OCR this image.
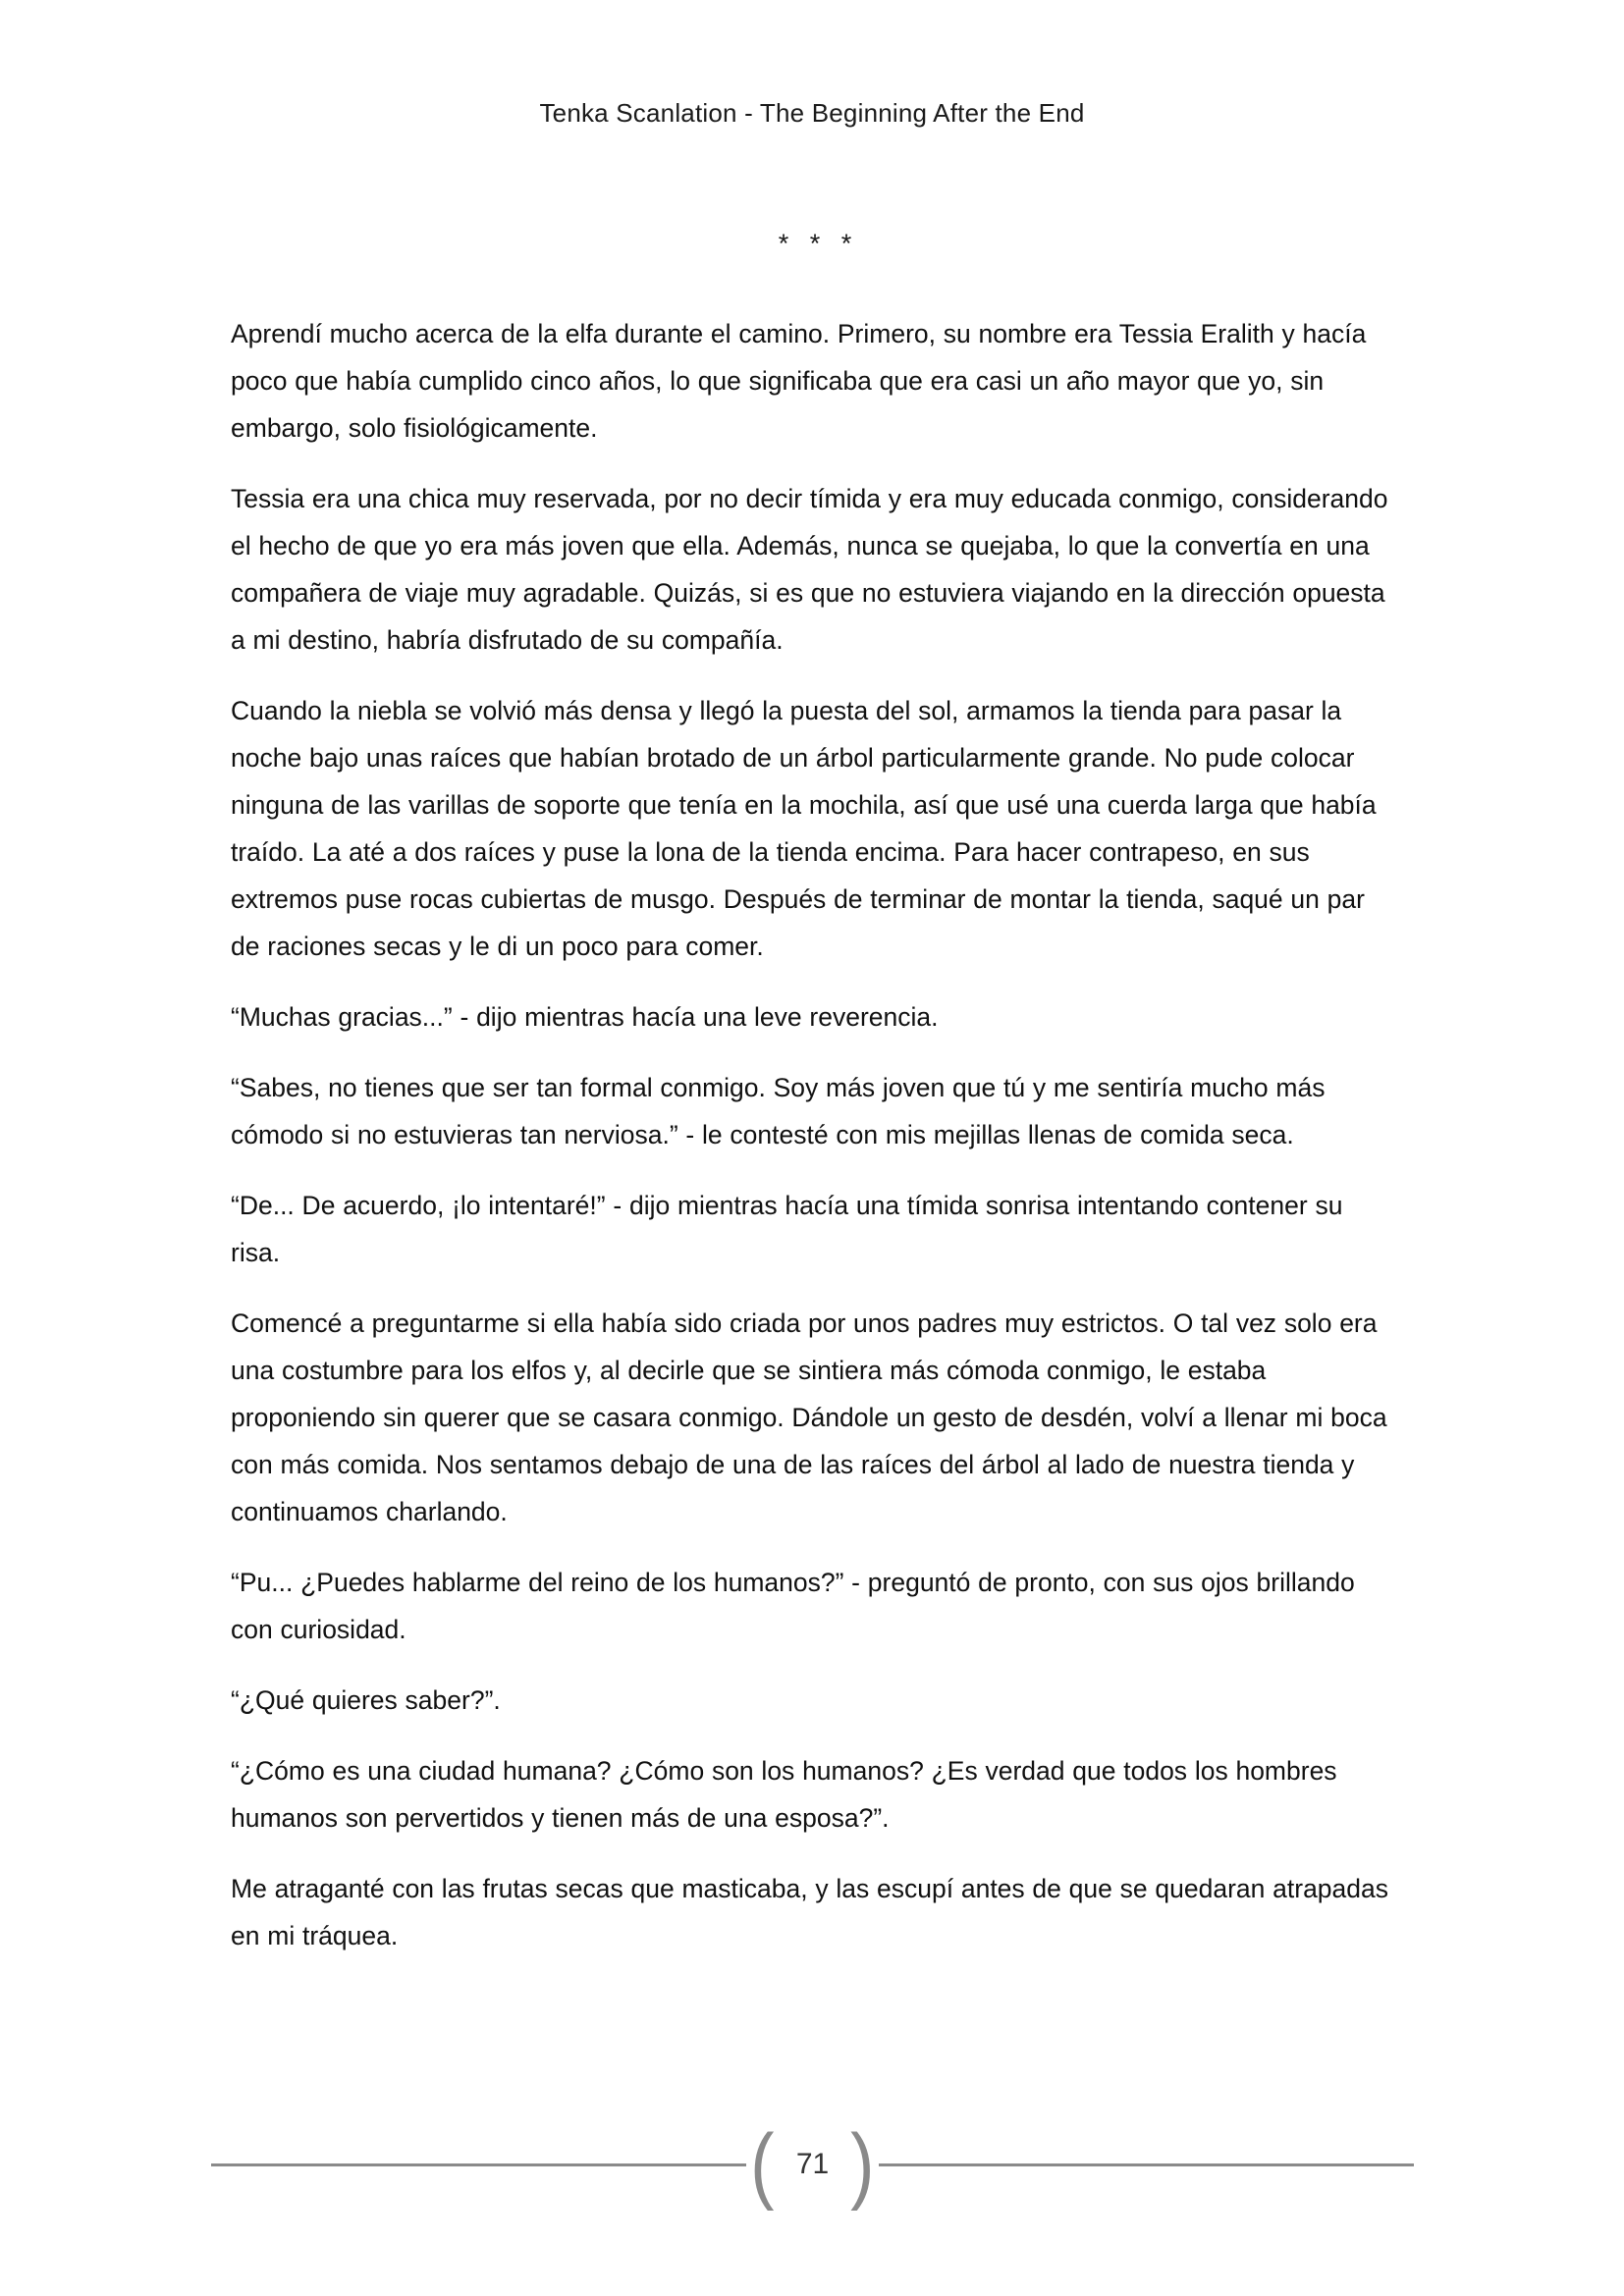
Tenka Scanlation - The Beginning After the End
* * *

Aprendí mucho acerca de la elfa durante el camino. Primero, su nombre era Tessia Eralith y hacía poco que había cumplido cinco años, lo que significaba que era casi un año mayor que yo, sin embargo, solo fisiológicamente.

Tessia era una chica muy reservada, por no decir tímida y era muy educada conmigo, considerando el hecho de que yo era más joven que ella. Además, nunca se quejaba, lo que la convertía en una compañera de viaje muy agradable. Quizás, si es que no estuviera viajando en la dirección opuesta a mi destino, habría disfrutado de su compañía.

Cuando la niebla se volvió más densa y llegó la puesta del sol, armamos la tienda para pasar la noche bajo unas raíces que habían brotado de un árbol particularmente grande. No pude colocar ninguna de las varillas de soporte que tenía en la mochila, así que usé una cuerda larga que había traído. La até a dos raíces y puse la lona de la tienda encima. Para hacer contrapeso, en sus extremos puse rocas cubiertas de musgo. Después de terminar de montar la tienda, saqué un par de raciones secas y le di un poco para comer.

“Muchas gracias...” - dijo mientras hacía una leve reverencia.

“Sabes, no tienes que ser tan formal conmigo. Soy más joven que tú y me sentiría mucho más cómodo si no estuvieras tan nerviosa.” - le contesté con mis mejillas llenas de comida seca.

“De... De acuerdo, ¡lo intentaré!” - dijo mientras hacía una tímida sonrisa intentando contener su risa.

Comencé a preguntarme si ella había sido criada por unos padres muy estrictos. O tal vez solo era una costumbre para los elfos y, al decirle que se sintiera más cómoda conmigo, le estaba proponiendo sin querer que se casara conmigo. Dándole un gesto de desdén, volví a llenar mi boca con más comida. Nos sentamos debajo de una de las raíces del árbol al lado de nuestra tienda y continuamos charlando.

“Pu... ¿Puedes hablarme del reino de los humanos?” - preguntó de pronto, con sus ojos brillando con curiosidad.

“¿Qué quieres saber?”.

“¿Cómo es una ciudad humana? ¿Cómo son los humanos? ¿Es verdad que todos los hombres humanos son pervertidos y tienen más de una esposa?”.

Me atraganté con las frutas secas que masticaba, y las escupí antes de que se quedaran atrapadas en mi tráquea.

( 71 )
